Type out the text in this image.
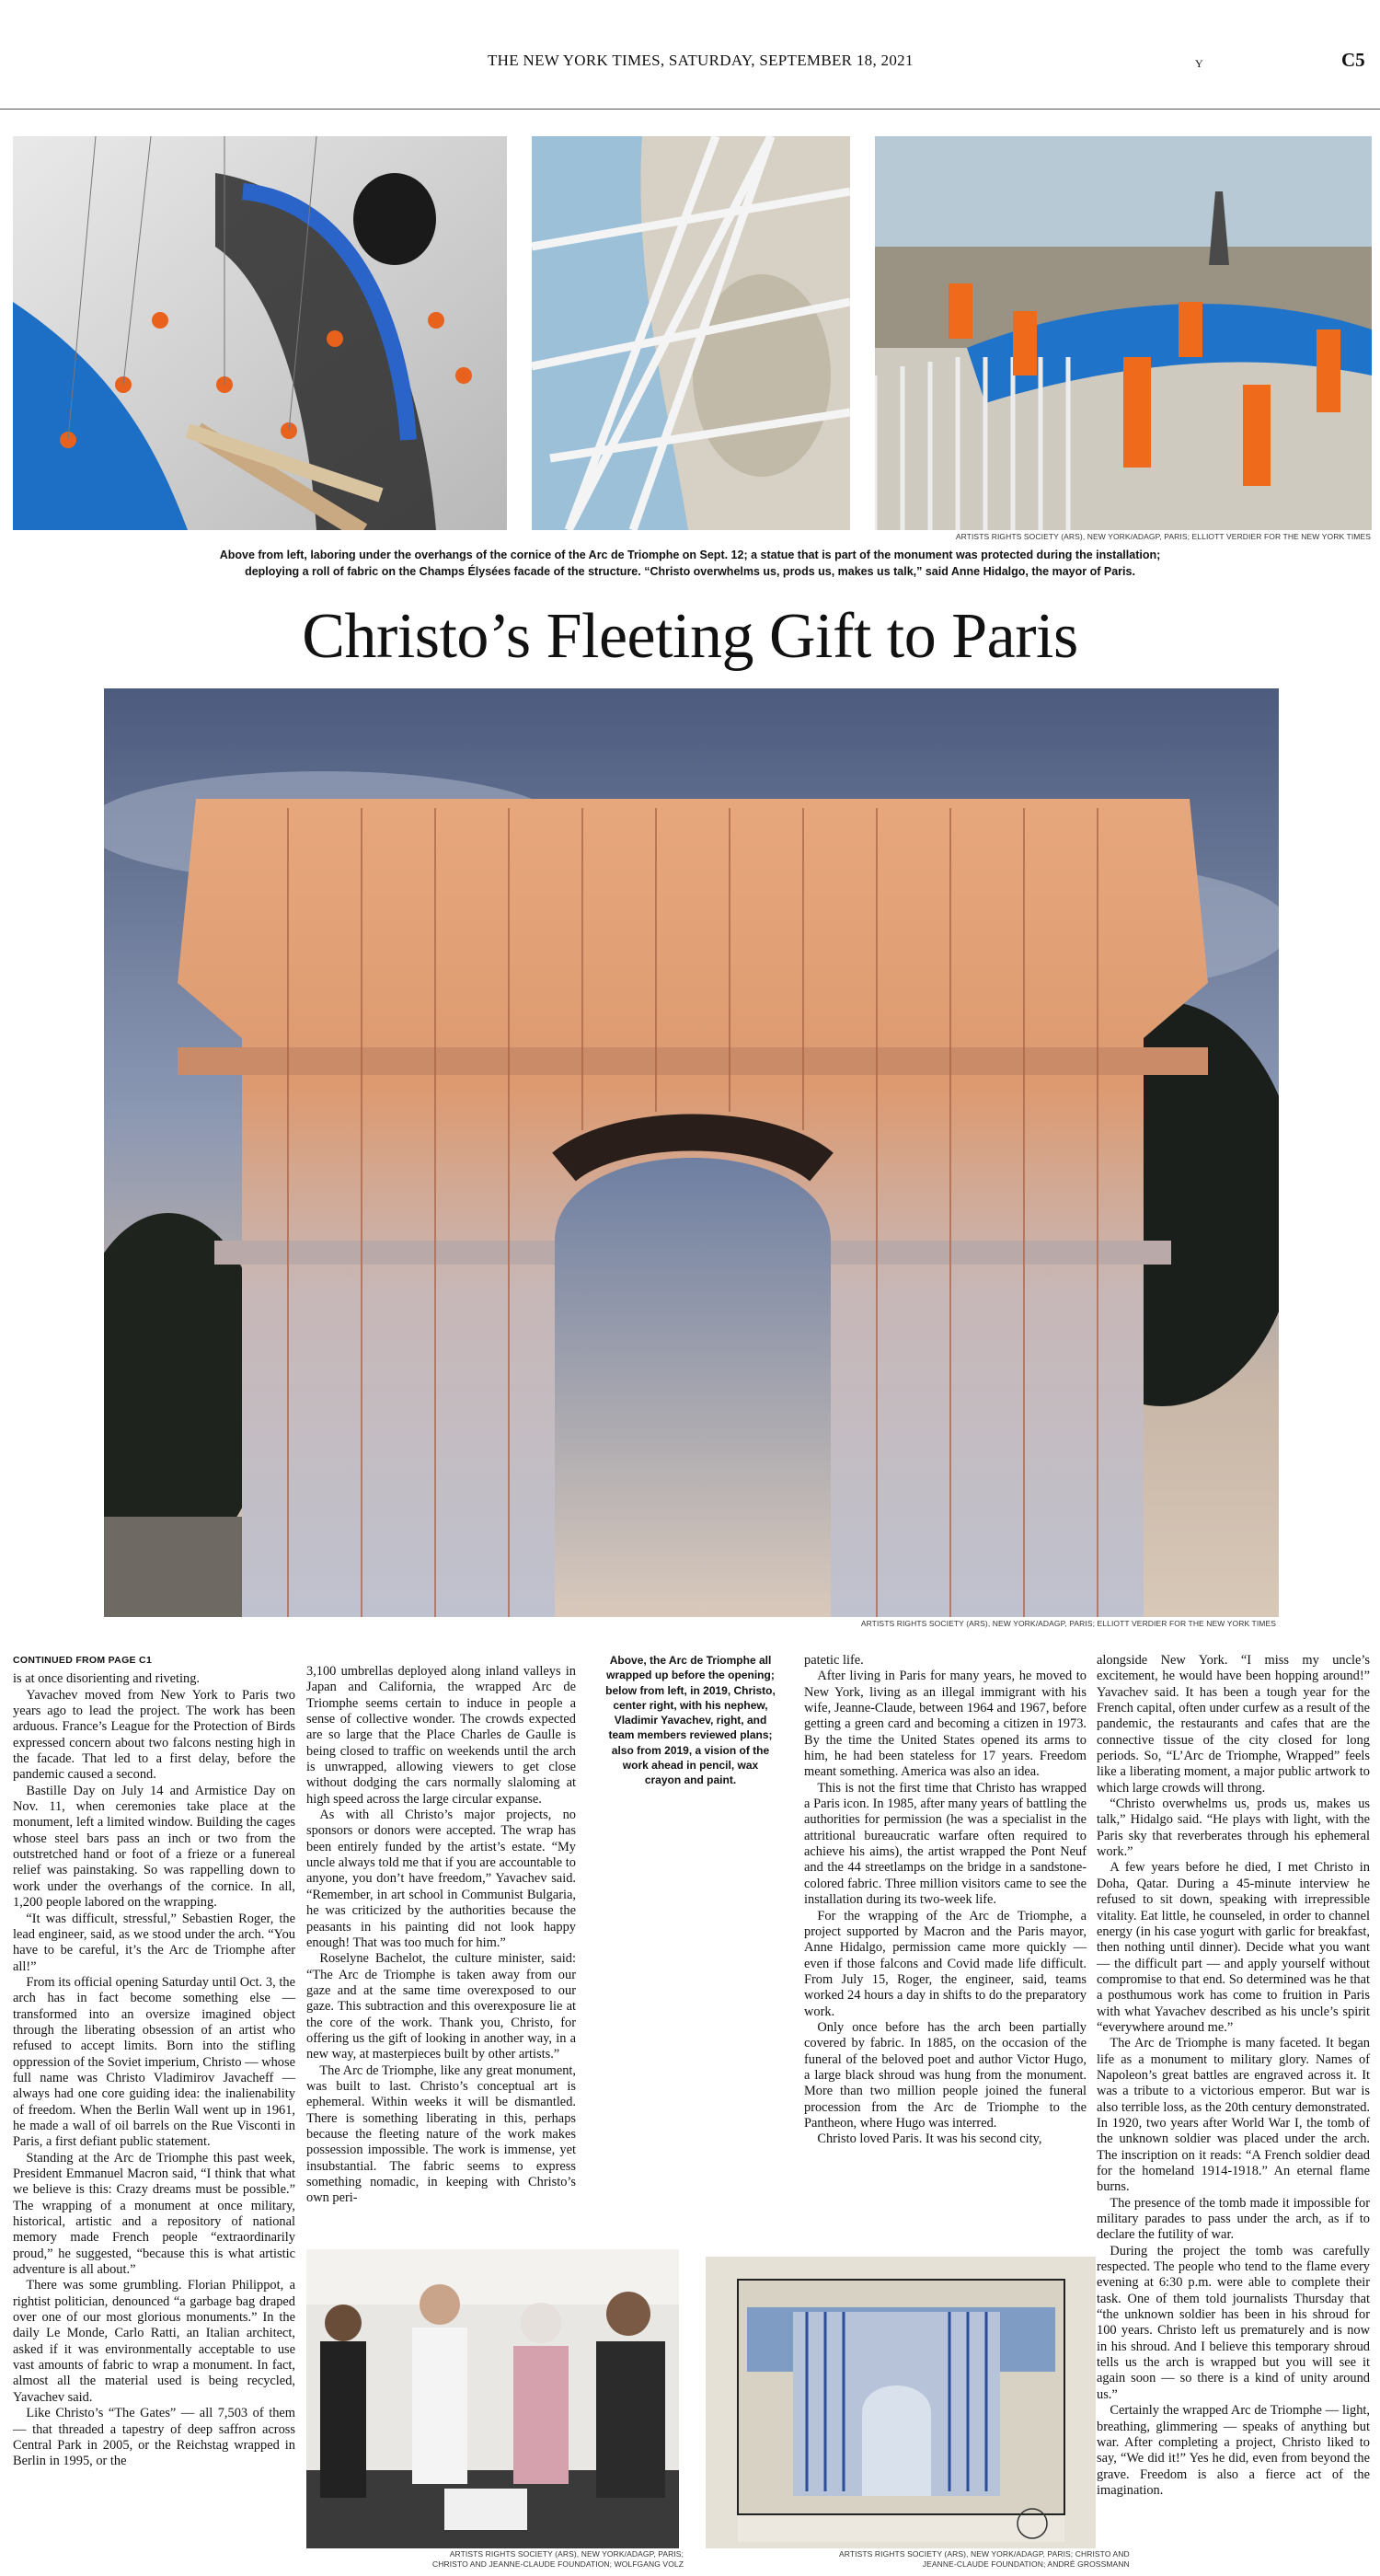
THE NEW YORK TIMES, SATURDAY, SEPTEMBER 18, 2021	Y	C5
ARTISTS RIGHTS SOCIETY (ARS), NEW YORK/ADAGP, PARIS; ELLIOTT VERDIER FOR THE NEW YORK TIMES
Above from left, laboring under the overhangs of the cornice of the Arc de Triomphe on Sept. 12; a statue that is part of the monument was protected during the installation;
deploying a roll of fabric on the Champs Élysées facade of the structure. “Christo overwhelms us, prods us, makes us talk,” said Anne Hidalgo, the mayor of Paris.
Christo’s Fleeting Gift to Paris
ARTISTS RIGHTS SOCIETY (ARS), NEW YORK/ADAGP, PARIS; ELLIOTT VERDIER FOR THE NEW YORK TIMES
CONTINUED FROM PAGE C1

is at once disorienting and riveting.

Yavachev moved from New York to Paris two years ago to lead the project. The work has been arduous. France’s League for the Protection of Birds expressed concern about two falcons nesting high in the facade. That led to a first delay, before the pandemic caused a second.

Bastille Day on July 14 and Armistice Day on Nov. 11, when ceremonies take place at the monument, left a limited window. Building the cages whose steel bars pass an inch or two from the outstretched hand or foot of a frieze or a funereal relief was painstaking. So was rappelling down to work under the overhangs of the cornice. In all, 1,200 people labored on the wrapping.

“It was difficult, stressful,” Sebastien Roger, the lead engineer, said, as we stood under the arch. “You have to be careful, it’s the Arc de Triomphe after all!”

From its official opening Saturday until Oct. 3, the arch has in fact become something else — transformed into an oversize imagined object through the liberating obsession of an artist who refused to accept limits. Born into the stifling oppression of the Soviet imperium, Christo — whose full name was Christo Vladimirov Javacheff — always had one core guiding idea: the inalienability of freedom. When the Berlin Wall went up in 1961, he made a wall of oil barrels on the Rue Visconti in Paris, a first defiant public statement.

Standing at the Arc de Triomphe this past week, President Emmanuel Macron said, “I think that what we believe is this: Crazy dreams must be possible.” The wrapping of a monument at once military, historical, artistic and a repository of national memory made French people “extraordinarily proud,” he suggested, “because this is what artistic adventure is all about.”

There was some grumbling. Florian Philippot, a rightist politician, denounced “a garbage bag draped over one of our most glorious monuments.” In the daily Le Monde, Carlo Ratti, an Italian architect, asked if it was environmentally acceptable to use vast amounts of fabric to wrap a monument. In fact, almost all the material used is being recycled, Yavachev said.

Like Christo’s “The Gates” — all 7,503 of them — that threaded a tapestry of deep saffron across Central Park in 2005, or the Reichstag wrapped in Berlin in 1995, or the

3,100 umbrellas deployed along inland valleys in Japan and California, the wrapped Arc de Triomphe seems certain to induce in people a sense of collective wonder. The crowds expected are so large that the Place Charles de Gaulle is being closed to traffic on weekends until the arch is unwrapped, allowing viewers to get close without dodging the cars normally slaloming at high speed across the large circular expanse.

As with all Christo’s major projects, no sponsors or donors were accepted. The wrap has been entirely funded by the artist’s estate. “My uncle always told me that if you are accountable to anyone, you don’t have freedom,” Yavachev said. “Remember, in art school in Communist Bulgaria, he was criticized by the authorities because the peasants in his painting did not look happy enough! That was too much for him.”

Roselyne Bachelot, the culture minister, said: “The Arc de Triomphe is taken away from our gaze and at the same time overexposed to our gaze. This subtraction and this overexposure lie at the core of the work. Thank you, Christo, for offering us the gift of looking in another way, in a new way, at masterpieces built by other artists.”

The Arc de Triomphe, like any great monument, was built to last. Christo’s conceptual art is ephemeral. Within weeks it will be dismantled. There is something liberating in this, perhaps because the fleeting nature of the work makes possession impossible. The work is immense, yet insubstantial. The fabric seems to express something nomadic, in keeping with Christo’s own peri-

Above, the Arc de Triomphe all wrapped up before the opening; below from left, in 2019, Christo, center right, with his nephew, Vladimir Yavachev, right, and team members reviewed plans; also from 2019, a vision of the work ahead in pencil, wax crayon and paint.

patetic life.

After living in Paris for many years, he moved to New York, living as an illegal immigrant with his wife, Jeanne-Claude, between 1964 and 1967, before getting a green card and becoming a citizen in 1973. By the time the United States opened its arms to him, he had been stateless for 17 years. Freedom meant something. America was also an idea.

This is not the first time that Christo has wrapped a Paris icon. In 1985, after many years of battling the authorities for permission (he was a specialist in the attritional bureaucratic warfare often required to achieve his aims), the artist wrapped the Pont Neuf and the 44 streetlamps on the bridge in a sandstone-colored fabric. Three million visitors came to see the installation during its two-week life.

For the wrapping of the Arc de Triomphe, a project supported by Macron and the Paris mayor, Anne Hidalgo, permission came more quickly — even if those falcons and Covid made life difficult. From July 15, Roger, the engineer, said, teams worked 24 hours a day in shifts to do the preparatory work.

Only once before has the arch been partially covered by fabric. In 1885, on the occasion of the funeral of the beloved poet and author Victor Hugo, a large black shroud was hung from the monument. More than two million people joined the funeral procession from the Arc de Triomphe to the Pantheon, where Hugo was interred.

Christo loved Paris. It was his second city,

alongside New York. “I miss my uncle’s excitement, he would have been hopping around!” Yavachev said. It has been a tough year for the French capital, often under curfew as a result of the pandemic, the restaurants and cafes that are the connective tissue of the city closed for long periods. So, “L’Arc de Triomphe, Wrapped” feels like a liberating moment, a major public artwork to which large crowds will throng.

“Christo overwhelms us, prods us, makes us talk,” Hidalgo said. “He plays with light, with the Paris sky that reverberates through his ephemeral work.”

A few years before he died, I met Christo in Doha, Qatar. During a 45-minute interview he refused to sit down, speaking with irrepressible vitality. Eat little, he counseled, in order to channel energy (in his case yogurt with garlic for breakfast, then nothing until dinner). Decide what you want — the difficult part — and apply yourself without compromise to that end. So determined was he that a posthumous work has come to fruition in Paris with what Yavachev described as his uncle’s spirit “everywhere around me.”

The Arc de Triomphe is many faceted. It began life as a monument to military glory. Names of Napoleon’s great battles are engraved across it. It was a tribute to a victorious emperor. But war is also terrible loss, as the 20th century demonstrated. In 1920, two years after World War I, the tomb of the unknown soldier was placed under the arch. The inscription on it reads: “A French soldier dead for the homeland 1914-1918.” An eternal flame burns.

The presence of the tomb made it impossible for military parades to pass under the arch, as if to declare the futility of war.

During the project the tomb was carefully respected. The people who tend to the flame every evening at 6:30 p.m. were able to complete their task. One of them told journalists Thursday that “the unknown soldier has been in his shroud for 100 years. Christo left us prematurely and is now in his shroud. And I believe this temporary shroud tells us the arch is wrapped but you will see it again soon — so there is a kind of unity around us.”

Certainly the wrapped Arc de Triomphe — light, breathing, glimmering — speaks of anything but war. After completing a project, Christo liked to say, “We did it!” Yes he did, even from beyond the grave. Freedom is also a fierce act of the imagination.

ARTISTS RIGHTS SOCIETY (ARS), NEW YORK/ADAGP, PARIS;
CHRISTO AND JEANNE-CLAUDE FOUNDATION; WOLFGANG VOLZ
ARTISTS RIGHTS SOCIETY (ARS), NEW YORK/ADAGP, PARIS; CHRISTO AND
JEANNE-CLAUDE FOUNDATION; ANDRÉ GROSSMANN
